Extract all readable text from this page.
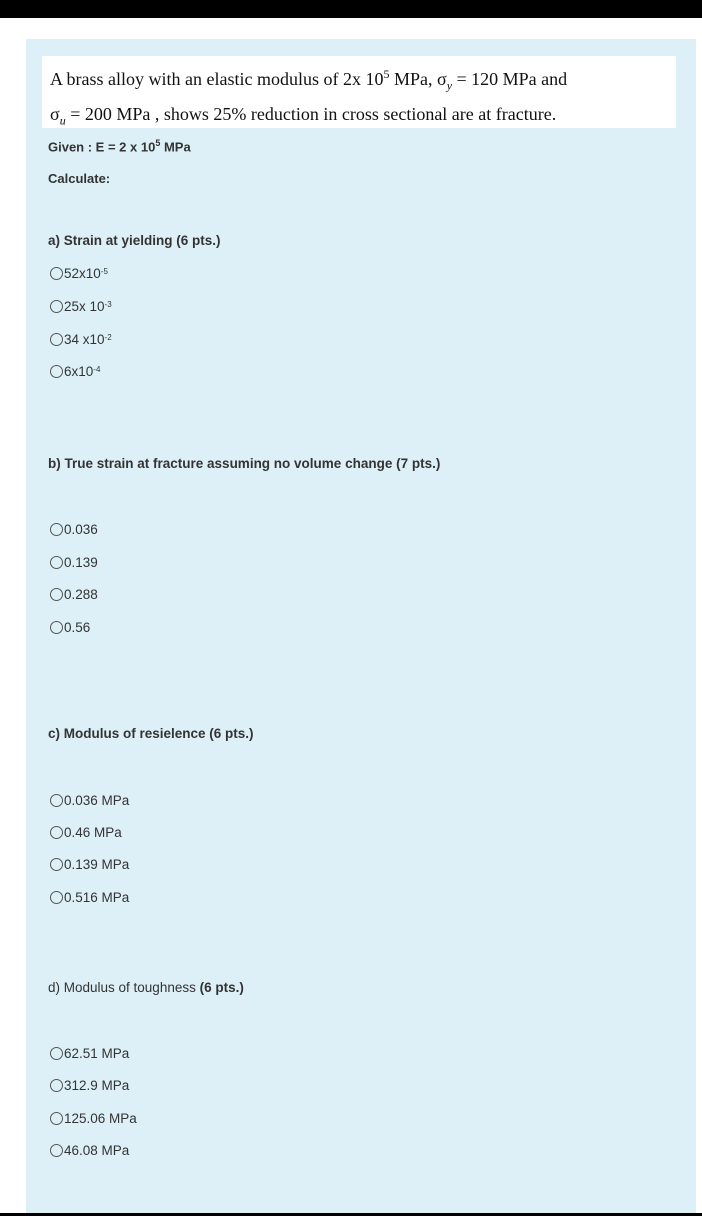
A brass alloy with an elastic modulus of 2x $10^5$ MPa, $\sigma_y = 120$ MPa and
$\sigma_u = 200$ MPa , shows 25% reduction in cross sectional are at fracture.
Given : E = 2 x $10^5$ MPa
Calculate:
a) Strain at yielding (6 pts.)
$52x10^{-5}$
25x $10^{-3}$
34 $x10^{-2}$
$6x10^{-4}$
b) True strain at fracture assuming no volume change (7 pts.)
0.036
0.139
0.288
0.56
c) Modulus of resielence (6 pts.)
0.036 MPa
0.46 MPa
0.139 MPa
0.516 MPa
d) Modulus of toughness (6 pts.)
62.51 MPa
312.9 MPa
125.06 MPa
46.08 MPa
